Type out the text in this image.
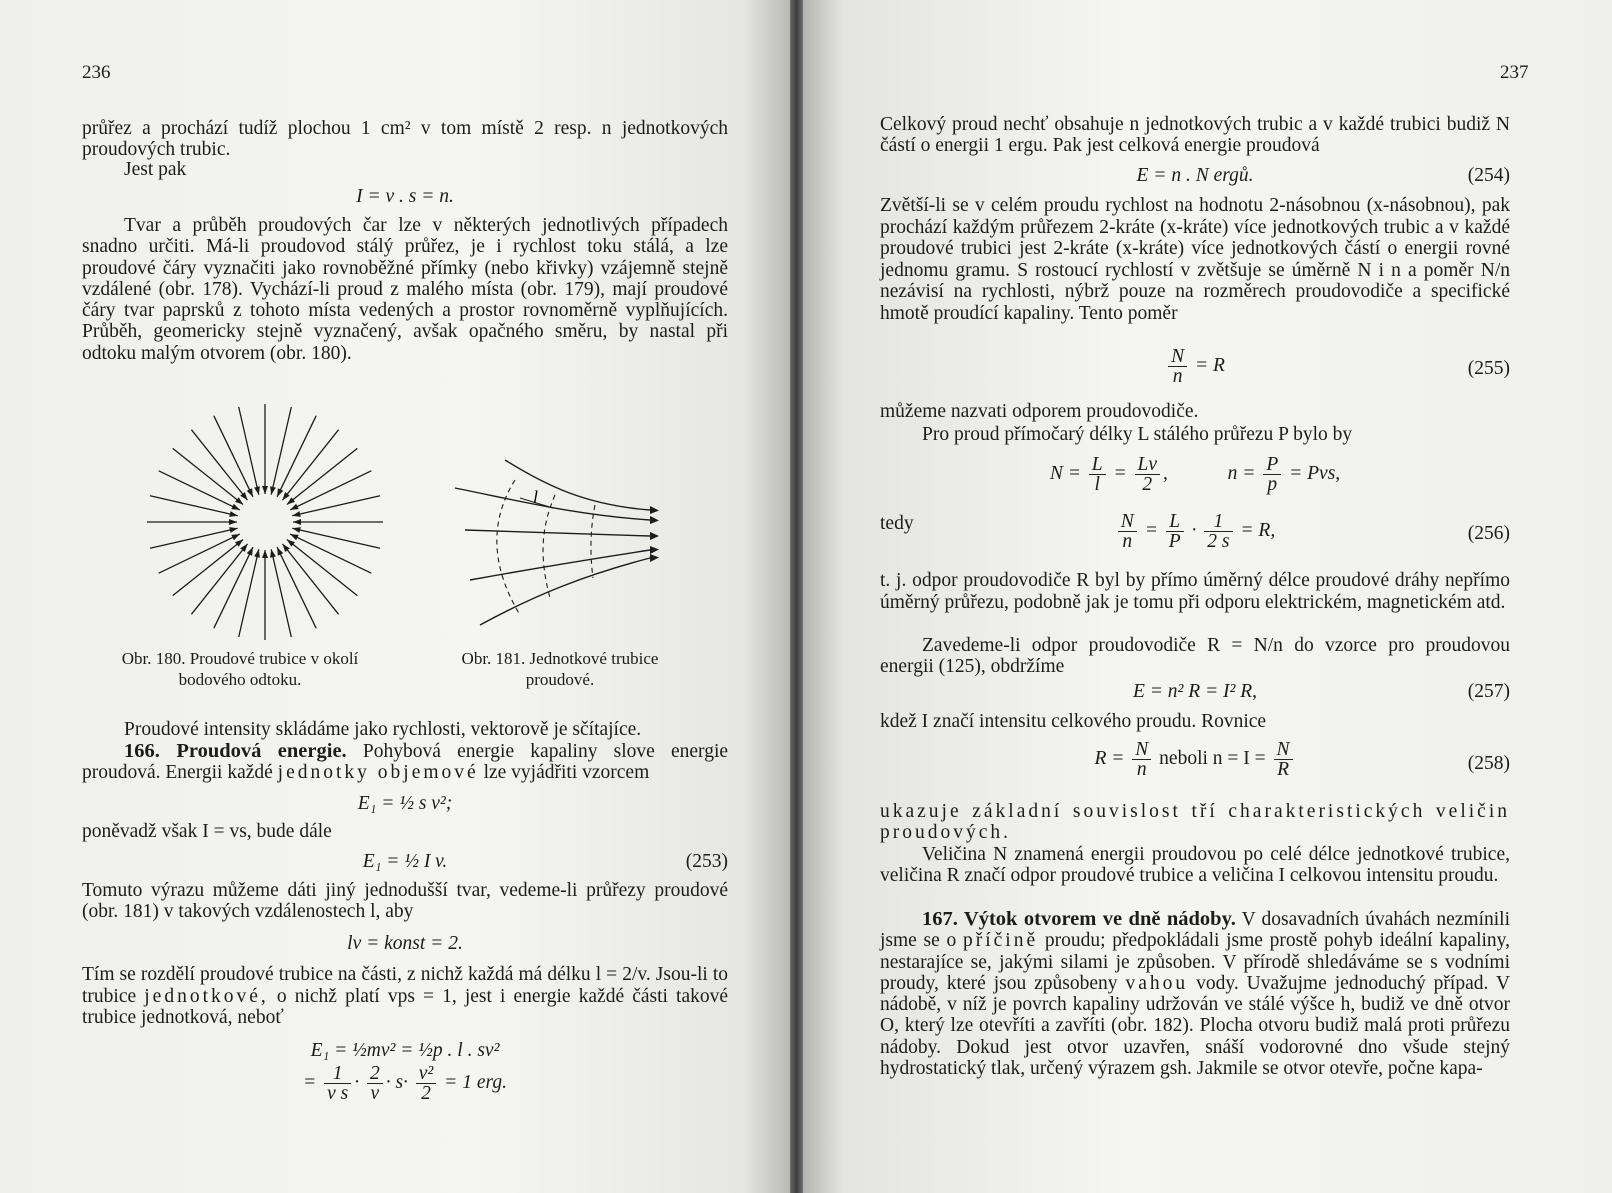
236

průřez a prochází tudíž plochou 1 cm² v tom místě 2 resp. n jednotkových proudových trubic.

Jest pak

I = v . s = n.
Tvar a průběh proudových čar lze v některých jednotlivých případech snadno určiti. Má-li proudovod stálý průřez, je i rychlost toku stálá, a lze proudové čáry vyznačiti jako rovnoběžné přímky (nebo křivky) vzájemně stejně vzdálené (obr. 178). Vychází-li proud z malého místa (obr. 179), mají proudové čáry tvar paprsků z tohoto místa vedených a prostor rovnoměrně vyplňujících. Průběh, geomericky stejně vyznačený, avšak opačného směru, by nastal při odtoku malým otvorem (obr. 180).
Obr. 180. Proudové trubice v okolí
bodového odtoku.
l
Obr. 181. Jednotkové trubice
proudové.
Proudové intensity skládáme jako rychlosti, vektorově je sčítajíce.
166. Proudová energie. Pohybová energie kapaliny slove energie proudová. Energii každé jednotky objemové lze vyjádřiti vzorcem
E₁ = ½ s v²;
poněvadž však I = vs, bude dále
E₁ = ½ I v.	(253)
Tomuto výrazu můžeme dáti jiný jednodušší tvar, vedeme-li průřezy proudové (obr. 181) v takových vzdálenostech l, aby
lv = konst = 2.
Tím se rozdělí proudové trubice na části, z nichž každá má délku l = 2/v. Jsou-li to trubice jednotkové, o nichž platí vps = 1, jest i energie každé části takové trubice jednotková, neboť
E₁ = ½mv² = ½p . l . sv²
= $\frac{1}{\text{v s}} \cdot \frac{2}{v} \cdot s\cdot \frac{\text{v²}}{2} = 1$ erg.
237
Celkový proud nechť obsahuje n jednotkových trubic a v každé trubici budiž N částí o energii 1 ergu. Pak jest celková energie proudová
E = n . N ergů.	(254)
Zvětší-li se v celém proudu rychlost na hodnotu 2-násobnou (x-násobnou), pak prochází každým průřezem 2-kráte (x-kráte) více jednotkových trubic a v každé proudové trubici jest 2-kráte (x-kráte) více jednotkových částí o energii rovné jednomu gramu. S rostoucí rychlostí v zvětšuje se úměrně N i n a poměr N/n nezávisí na rychlosti, nýbrž pouze na rozměrech proudovodiče a specifické hmotě proudící kapaliny. Tento poměr
$\frac{N}{n} = R$	(255)
můžeme nazvati odporem proudovodiče.
Pro proud přímočarý délky L stálého průřezu P bylo by
$N = \frac{L}{l} = \frac{Lv}{2}$ ,	$n = \frac{P}{p}$ = Pvs,
tedy	$\frac{N}{n} = \frac{L}{P} \cdot \frac{1}{2 s} = R$,	(256)
t. j. odpor proudovodiče R byl by přímo úměrný délce proudové dráhy nepřímo úměrný průřezu, podobně jak je tomu při odporu elektrickém, magnetickém atd.
Zavedeme-li odpor proudovodiče R = N/n do vzorce pro proudovou energii (125), obdržíme
E = n² R = I² R,	(257)
kdež I značí intensitu celkového proudu. Rovnice
$R = \frac{N}{n}$ neboli $n = I = \frac{N}{R}$	(258)
ukazuje základní souvislost tří charakteristických veličin proudových.
Veličina N znamená energii proudovou po celé délce jednotkové trubice, veličina R značí odpor proudové trubice a veličina I celkovou intensitu proudu.
167. Výtok otvorem ve dně nádoby. V dosavadních úvahách nezmínili jsme se o příčině proudu; předpokládali jsme prostě pohyb ideální kapaliny, nestarajíce se, jakými silami je způsoben. V přírodě shledáváme se s vodními proudy, které jsou způsobeny vahou vody. Uvažujme jednoduchý případ. V nádobě, v níž je povrch kapaliny udržován ve stálé výšce h, budiž ve dně otvor O, který lze otevříti a zavříti (obr. 182). Plocha otvoru budiž malá proti průřezu nádoby. Dokud jest otvor uzavřen, snáší vodorovné dno všude stejný hydrostatický tlak, určený výrazem gsh. Jakmile se otvor otevře, počne kapa-
